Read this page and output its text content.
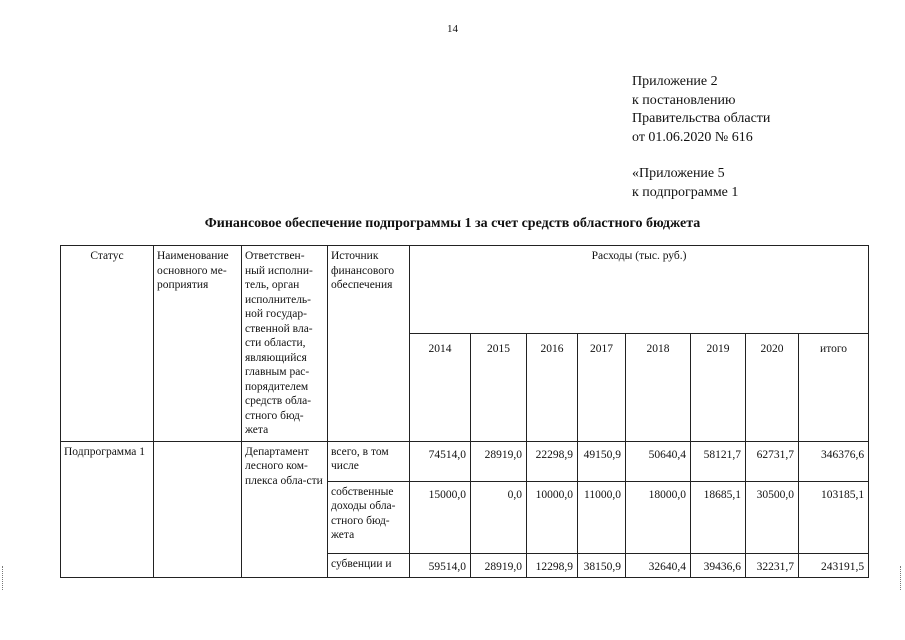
14
Приложение 2
к постановлению
Правительства области
от 01.06.2020 № 616
«Приложение 5
к подпрограмме 1
Финансовое обеспечение подпрограммы 1 за счет средств областного бюджета
Статус	Наименование основного ме-роприятия	Ответствен-ный исполни-тель, орган исполнитель-ной государ-ственной вла-сти области, являющийся главным рас-порядителем средств обла-стного бюд-жета	Источник финансового обеспечения	Расходы (тыс. руб.)							
				2014	2015	2016	2017	2018	2019	2020	итого
Подпрограмма 1		Департамент лесного ком-плекса обла-сти	всего, в том числе	74514,0	28919,0	22298,9	49150,9	50640,4	58121,7	62731,7	346376,6
			собственные доходы обла-стного бюд-жета	15000,0	0,0	10000,0	11000,0	18000,0	18685,1	30500,0	103185,1
			субвенции и	59514,0	28919,0	12298,9	38150,9	32640,4	39436,6	32231,7	243191,5
